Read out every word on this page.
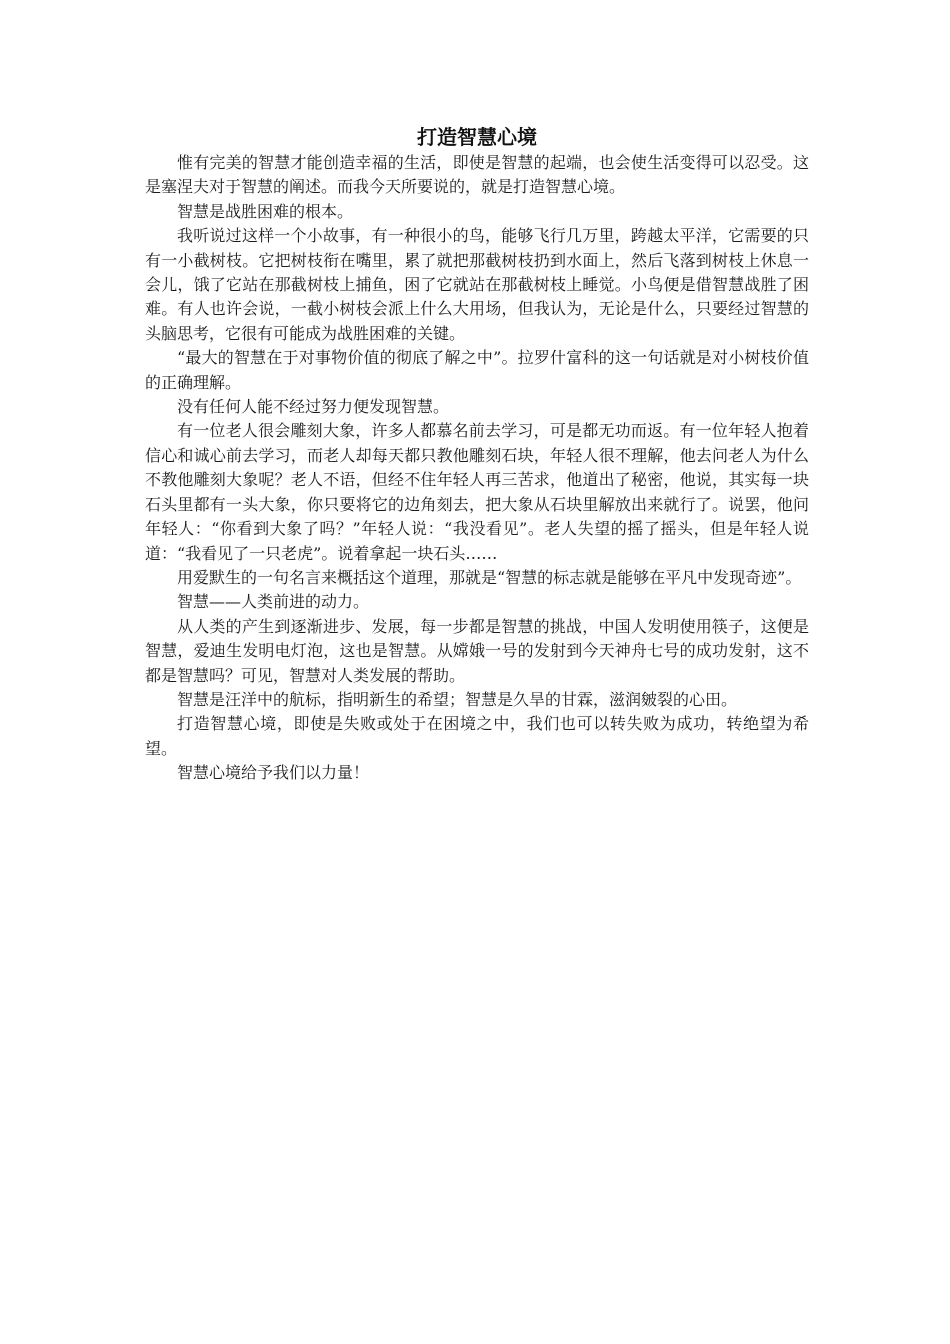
打造智慧心境

惟有完美的智慧才能创造幸福的生活，即使是智慧的起端，也会使生活变得可以忍受。这是塞涅夫对于智慧的阐述。而我今天所要说的，就是打造智慧心境。

智慧是战胜困难的根本。

我听说过这样一个小故事，有一种很小的鸟，能够飞行几万里，跨越太平洋，它需要的只有一小截树枝。它把树枝衔在嘴里，累了就把那截树枝扔到水面上，然后飞落到树枝上休息一会儿，饿了它站在那截树枝上捕鱼，困了它就站在那截树枝上睡觉。小鸟便是借智慧战胜了困难。有人也许会说，一截小树枝会派上什么大用场，但我认为，无论是什么，只要经过智慧的头脑思考，它很有可能成为战胜困难的关键。

“最大的智慧在于对事物价值的彻底了解之中”。拉罗什富科的这一句话就是对小树枝价值的正确理解。

没有任何人能不经过努力便发现智慧。

有一位老人很会雕刻大象，许多人都慕名前去学习，可是都无功而返。有一位年轻人抱着信心和诚心前去学习，而老人却每天都只教他雕刻石块，年轻人很不理解，他去问老人为什么不教他雕刻大象呢？老人不语，但经不住年轻人再三苦求，他道出了秘密，他说，其实每一块石头里都有一头大象，你只要将它的边角刻去，把大象从石块里解放出来就行了。说罢，他问年轻人：“你看到大象了吗？”年轻人说：“我没看见”。老人失望的摇了摇头，但是年轻人说道：“我看见了一只老虎”。说着拿起一块石头……

用爱默生的一句名言来概括这个道理，那就是“智慧的标志就是能够在平凡中发现奇迹”。

智慧——人类前进的动力。

从人类的产生到逐渐进步、发展，每一步都是智慧的挑战，中国人发明使用筷子，这便是智慧，爱迪生发明电灯泡，这也是智慧。从嫦娥一号的发射到今天神舟七号的成功发射，这不都是智慧吗？可见，智慧对人类发展的帮助。

智慧是汪洋中的航标，指明新生的希望；智慧是久旱的甘霖，滋润皴裂的心田。

打造智慧心境，即使是失败或处于在困境之中，我们也可以转失败为成功，转绝望为希望。

智慧心境给予我们以力量！
